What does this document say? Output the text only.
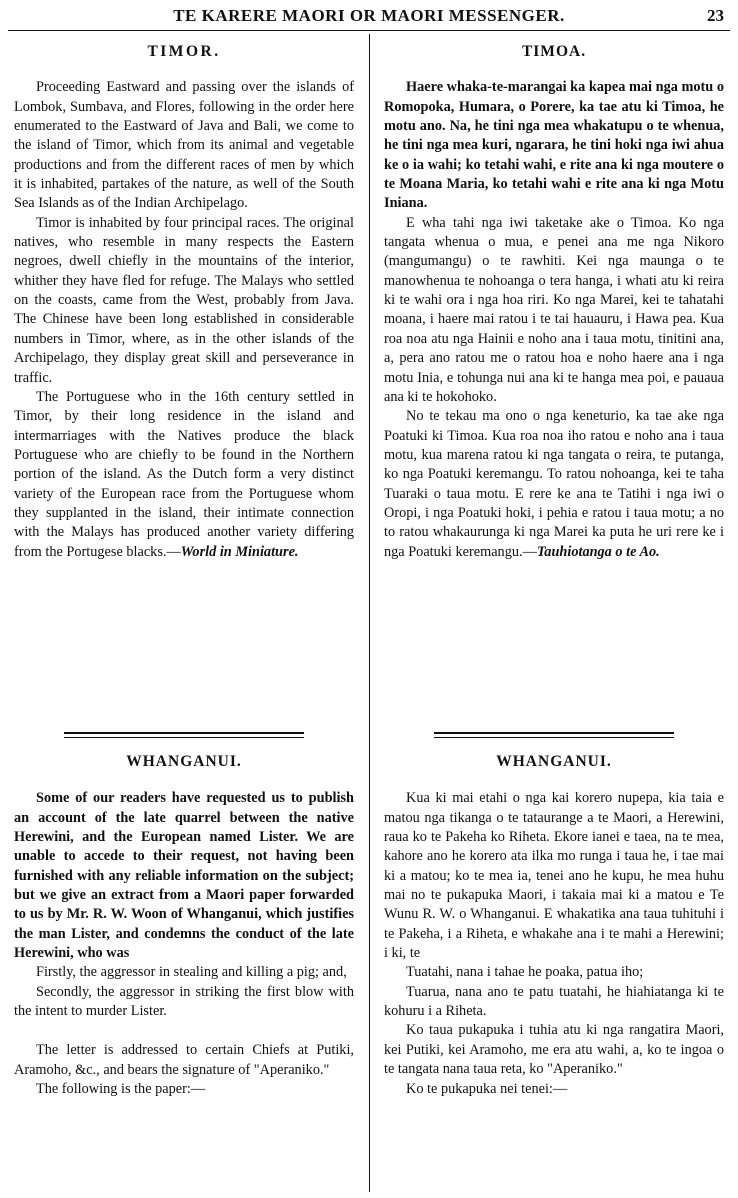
TE KARERE MAORI OR MAORI MESSENGER.	23
TIMOR.

Proceeding Eastward and passing over the islands of Lombok, Sumbava, and Flores, following in the order here enumerated to the Eastward of Java and Bali, we come to the island of Timor, which from its animal and vegetable productions and from the different races of men by which it is inhabited, partakes of the nature, as well of the South Sea Islands as of the Indian Archipelago.

Timor is inhabited by four principal races. The original natives, who resemble in many respects the Eastern negroes, dwell chiefly in the mountains of the interior, whither they have fled for refuge. The Malays who settled on the coasts, came from the West, probably from Java. The Chinese have been long established in considerable numbers in Timor, where, as in the other islands of the Archipelago, they display great skill and perseverance in traffic.

The Portuguese who in the 16th century settled in Timor, by their long residence in the island and intermarriages with the Natives produce the black Portuguese who are chiefly to be found in the Northern portion of the island. As the Dutch form a very distinct variety of the European race from the Portuguese whom they supplanted in the island, their intimate connection with the Malays has produced another variety differing from the Portugese blacks.—World in Miniature.

TIMOA.

Haere whaka-te-marangai ka kapea mai nga motu o Romopoka, Humara, o Porere, ka tae atu ki Timoa, he motu ano. Na, he tini nga mea whakatupu o te whenua, he tini nga mea kuri, ngarara, he tini hoki nga iwi ahua ke o ia wahi; ko tetahi wahi, e rite ana ki nga moutere o te Moana Maria, ko tetahi wahi e rite ana ki nga Motu Iniana.

E wha tahi nga iwi taketake ake o Timoa. Ko nga tangata whenua o mua, e penei ana me nga Nikoro (mangumangu) o te rawhiti. Kei nga maunga o te manowhenua te nohoanga o tera hanga, i whati atu ki reira ki te wahi ora i nga hoa riri. Ko nga Marei, kei te tahatahi moana, i haere mai ratou i te tai hauauru, i Hawa pea. Kua roa noa atu nga Hainii e noho ana i taua motu, tinitini ana, a, pera ano ratou me o ratou hoa e noho haere ana i nga motu Inia, e tohunga nui ana ki te hanga mea poi, e pauaua ana ki te hokohoko.

No te tekau ma ono o nga keneturio, ka tae ake nga Poatuki ki Timoa. Kua roa noa iho ratou e noho ana i taua motu, kua marena ratou ki nga tangata o reira, te putanga, ko nga Poatuki keremangu. To ratou nohoanga, kei te taha Tuaraki o taua motu. E rere ke ana te Tatihi i nga iwi o Oropi, i nga Poatuki hoki, i pehia e ratou i taua motu; a no to ratou whakaurunga ki nga Marei ka puta he uri rere ke i nga Poatuki keremangu.—Tauhiotanga o te Ao.

WHANGANUI.

Some of our readers have requested us to publish an account of the late quarrel between the native Herewini, and the European named Lister. We are unable to accede to their request, not having been furnished with any reliable information on the subject; but we give an extract from a Maori paper forwarded to us by Mr. R. W. Woon of Whanganui, which justifies the man Lister, and condemns the conduct of the late Herewini, who was

Firstly, the aggressor in stealing and killing a pig; and,

Secondly, the aggressor in striking the first blow with the intent to murder Lister.

The letter is addressed to certain Chiefs at Putiki, Aramoho, &c., and bears the signature of "Aperaniko."

The following is the paper:—

WHANGANUI.

Kua ki mai etahi o nga kai korero nupepa, kia taia e matou nga tikanga o te tataurange a te Maori, a Herewini, raua ko te Pakeha ko Riheta. Ekore ianei e taea, na te mea, kahore ano he korero ata ilka mo runga i taua he, i tae mai ki a matou; ko te mea ia, tenei ano he kupu, he mea huhu mai no te pukapuka Maori, i takaia mai ki a matou e Te Wunu R. W. o Whanganui. E whakatika ana taua tuhituhi i te Pakeha, i a Riheta, e whakahe ana i te mahi a Herewini; i ki, te

Tuatahi, nana i tahae he poaka, patua iho;

Tuarua, nana ano te patu tuatahi, he hiahiatanga ki te kohuru i a Riheta.

Ko taua pukapuka i tuhia atu ki nga rangatira Maori, kei Putiki, kei Aramoho, me era atu wahi, a, ko te ingoa o te tangata nana taua reta, ko "Aperaniko."

Ko te pukapuka nei tenei:—
